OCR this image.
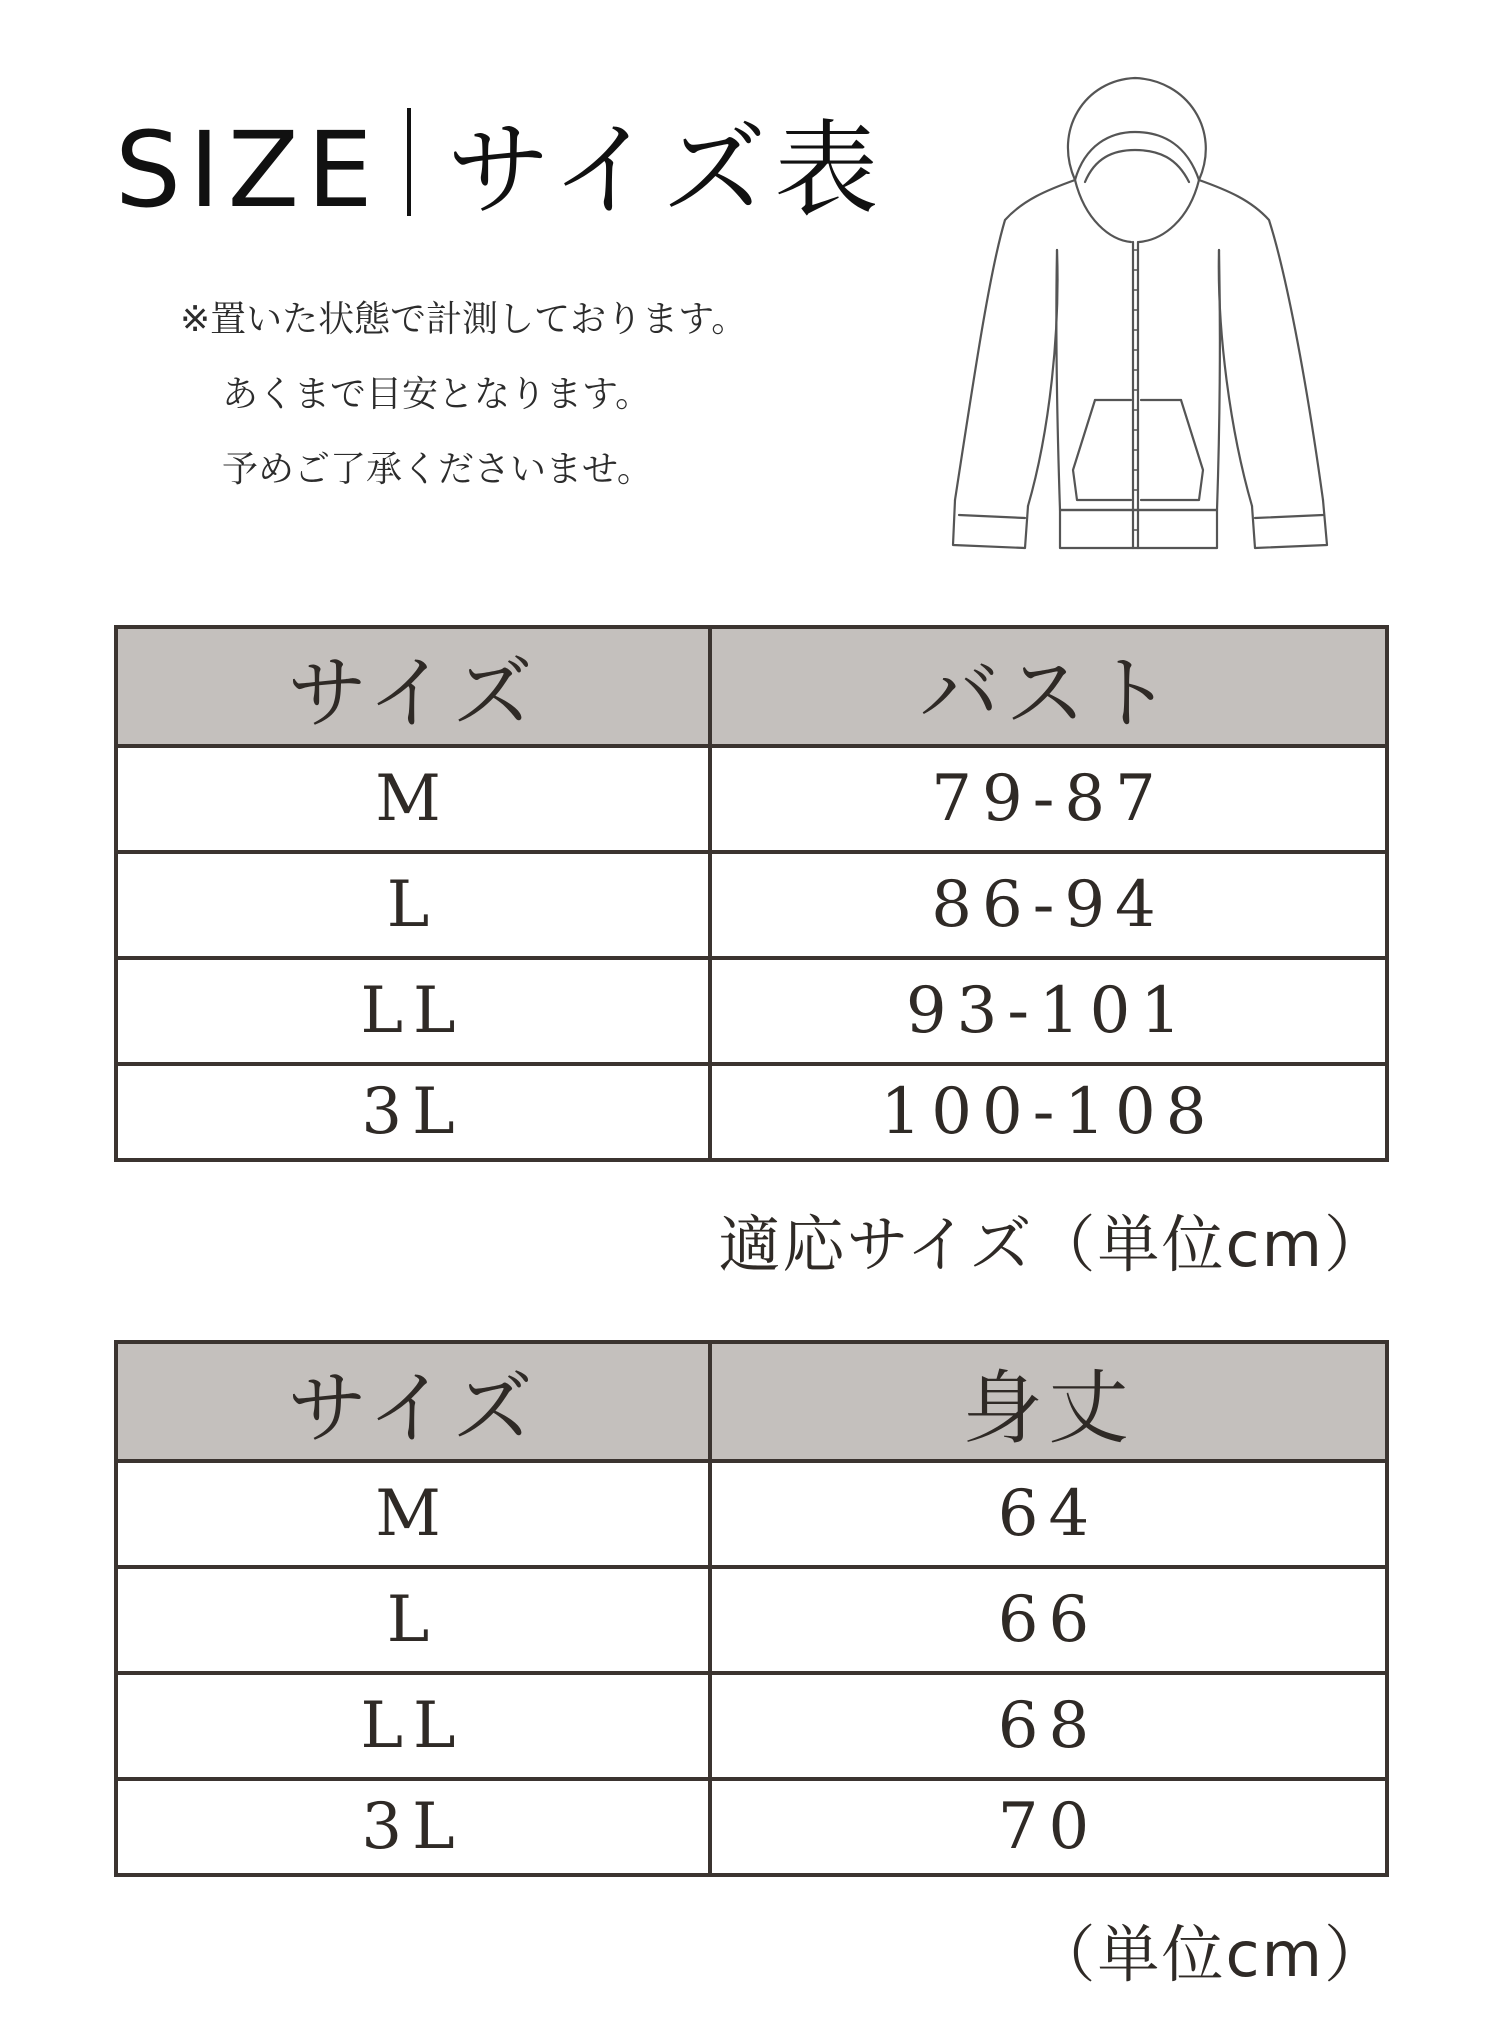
SIZE サイズ表

※置いた状態で計測しております。

あくまで目安となります。

予めご了承くださいませ。

サイズ	バスト
M	79-87
L	86-94
LL	93-101
3L	100-108

適応サイズ（単位cm）

サイズ	身丈
M	64
L	66
LL	68
3L	70

（単位cm）
